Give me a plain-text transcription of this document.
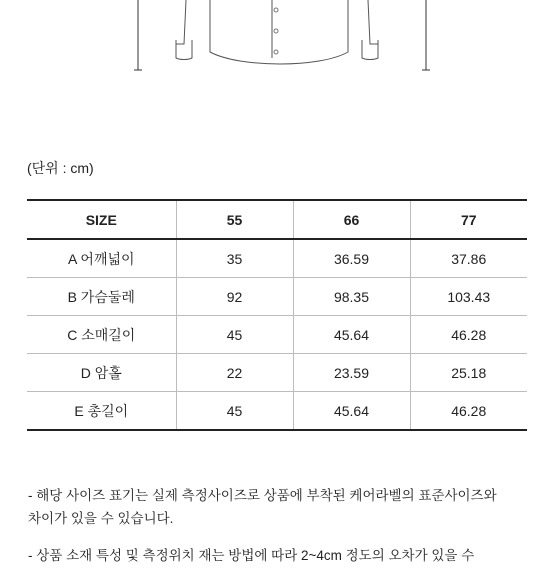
(단위 : cm)
SIZE	55	66	77
A 어깨넓이	35	36.59	37.86
B 가슴둘레	92	98.35	103.43
C 소매길이	45	45.64	46.28
D 암홀	22	23.59	25.18
E 총길이	45	45.64	46.28

- 해당 사이즈 표기는 실제 측정사이즈로 상품에 부착된 케어라벨의 표준사이즈와
차이가 있을 수 있습니다.

- 상품 소재 특성 및 측정위치 재는 방법에 따라 2~4cm 정도의 오차가 있을 수
